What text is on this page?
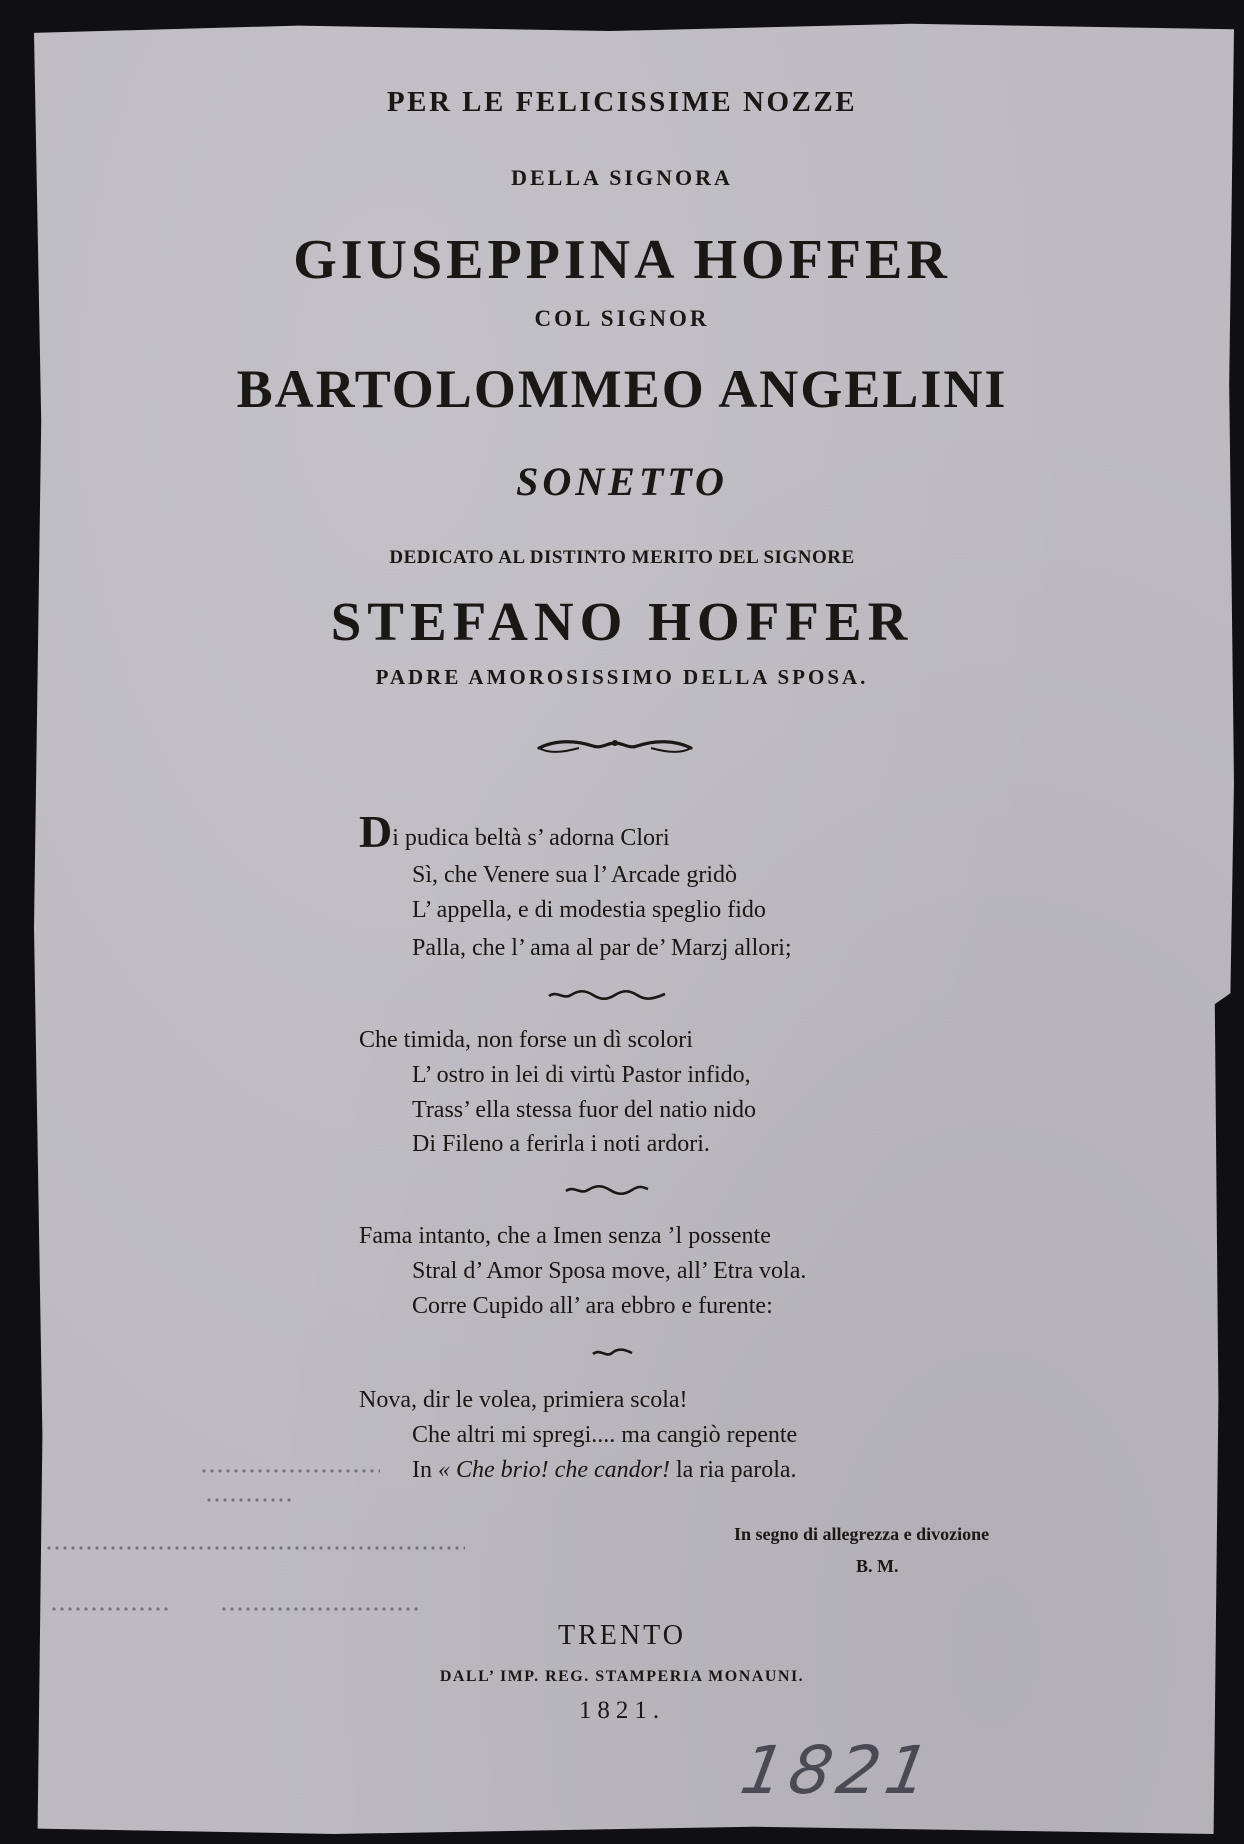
PER LE FELICISSIME NOZZE
DELLA SIGNORA
GIUSEPPINA HOFFER
COL SIGNOR
BARTOLOMMEO ANGELINI
SONETTO
DEDICATO AL DISTINTO MERITO DEL SIGNORE
STEFANO HOFFER
PADRE AMOROSISSIMO DELLA SPOSA.
Di pudica beltà s’ adorna Clori
Sì, che Venere sua l’ Arcade gridò
L’ appella, e di modestia speglio fido
Palla, che l’ ama al par de’ Marzj allori;
Che timida, non forse un dì scolori
L’ ostro in lei di virtù Pastor infido,
Trass’ ella stessa fuor del natio nido
Di Fileno a ferirla i noti ardori.
Fama intanto, che a Imen senza ’l possente
Stral d’ Amor Sposa move, all’ Etra vola.
Corre Cupido all’ ara ebbro e furente:
Nova, dir le volea, primiera scola!
Che altri mi spregi.... ma cangiò repente
In « Che brio! che candor! la ria parola.
In segno di allegrezza e divozione
B. M.
TRENTO
DALL’ IMP. REG. STAMPERIA MONAUNI.
1821.
1821
